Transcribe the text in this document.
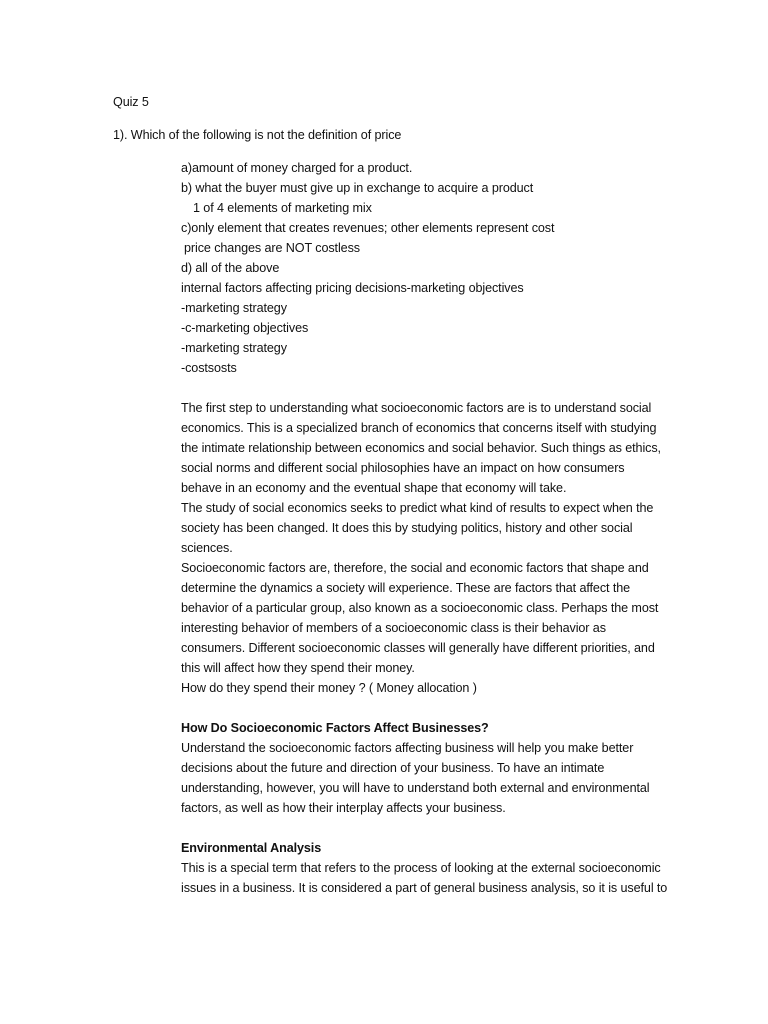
Quiz 5
1). Which of the following is not the definition of price
a)amount of money charged for a product.
b) what the buyer must give up in exchange to acquire a product
1 of 4 elements of marketing mix
c)only element that creates revenues; other elements represent cost
price changes are NOT costless
d) all of the above
internal factors affecting pricing decisions-marketing objectives
-marketing strategy
-c-marketing objectives
-marketing strategy
-costsosts
The first step to understanding what socioeconomic factors are is to understand social
economics. This is a specialized branch of economics that concerns itself with studying
the intimate relationship between economics and social behavior. Such things as ethics,
social norms and different social philosophies have an impact on how consumers
behave in an economy and the eventual shape that economy will take.
The study of social economics seeks to predict what kind of results to expect when the
society has been changed. It does this by studying politics, history and other social
sciences.
Socioeconomic factors are, therefore, the social and economic factors that shape and
determine the dynamics a society will experience. These are factors that affect the
behavior of a particular group, also known as a socioeconomic class. Perhaps the most
interesting behavior of members of a socioeconomic class is their behavior as
consumers. Different socioeconomic classes will generally have different priorities, and
this will affect how they spend their money.
How do they spend their money ? ( Money allocation )
How Do Socioeconomic Factors Affect Businesses?
Understand the socioeconomic factors affecting business will help you make better
decisions about the future and direction of your business. To have an intimate
understanding, however, you will have to understand both external and environmental
factors, as well as how their interplay affects your business.
Environmental Analysis
This is a special term that refers to the process of looking at the external socioeconomic
issues in a business. It is considered a part of general business analysis, so it is useful to
